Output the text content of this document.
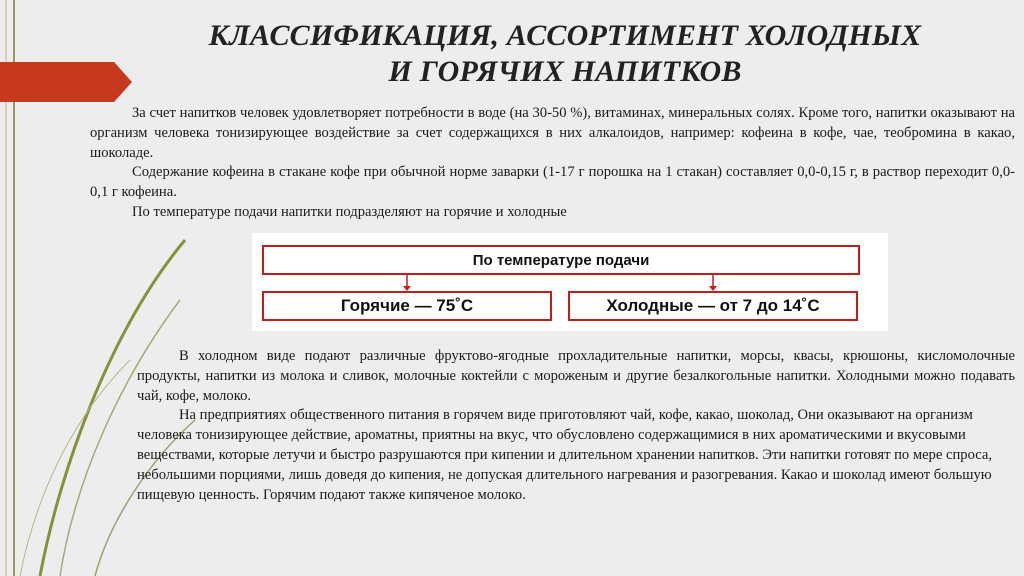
КЛАССИФИКАЦИЯ, АССОРТИМЕНТ ХОЛОДНЫХ
И ГОРЯЧИХ НАПИТКОВ

За счет напитков человек удовлетворяет потребности в воде (на 30-50 %), витаминах, минеральных солях. Кроме того, напитки оказывают на организм человека тонизирующее воздействие за счет содержащихся в них алкалоидов, например: кофеина в кофе, чае, теобромина в какао, шоколаде.

Содержание кофеина в стакане кофе при обычной норме заварки (1-17 г порошка на 1 стакан) составляет 0,0-0,15 г, в раствор переходит 0,0-0,1 г кофеина.

По температуре подачи напитки подразделяют на горячие и холодные

По температуре подачи
Горячие — 75˚С	Холодные — от 7 до 14˚С

В холодном виде подают различные фруктово-ягодные прохладительные напитки, морсы, квасы, крюшоны, кисломолочные продукты, напитки из молока и сливок, молочные коктейли с мороженым и другие безалкогольные напитки. Холодными можно подавать чай, кофе, молоко.

На предприятиях общественного питания в горячем виде приготовляют чай, кофе, какао, шоколад, Они оказывают на организм человека тонизирующее действие, ароматны, приятны на вкус, что обусловлено содержащимися в них ароматическими и вкусовыми веществами, которые летучи и быстро разрушаются при кипении и длительном хранении напитков. Эти напитки готовят по мере спроса, небольшими порциями, лишь доведя до кипения, не допуская длительного нагревания и разогревания. Какао и шоколад имеют большую пищевую ценность. Горячим подают также кипяченое молоко.
